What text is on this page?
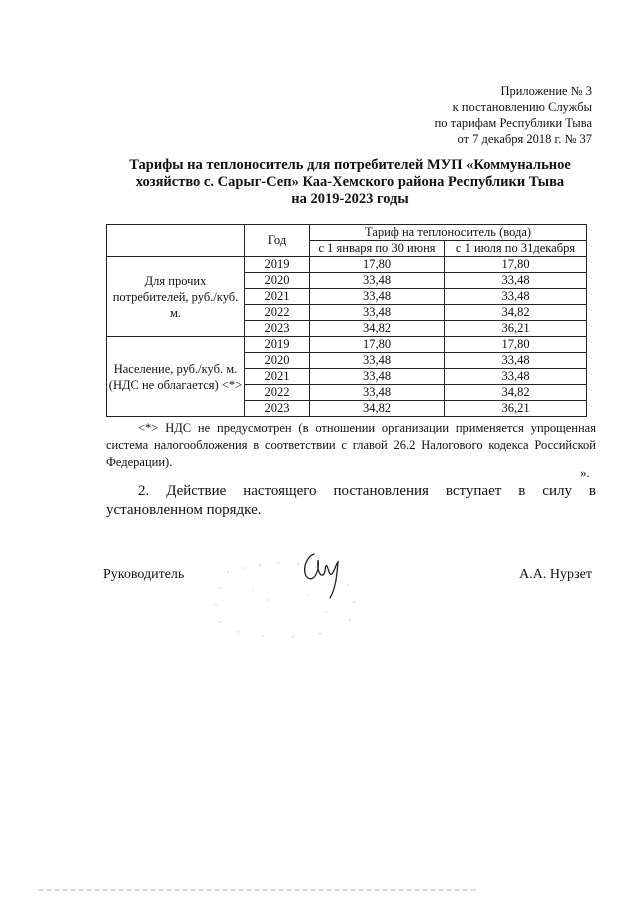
Приложение № 3
к постановлению Службы
по тарифам Республики Тыва
от 7 декабря 2018 г. № 37
Тарифы на теплоноситель для потребителей МУП «Коммунальное
хозяйство с. Сарыг-Сеп» Каа-Хемского района Республики Тыва
на 2019-2023 годы
	Год	Тариф на теплоноситель (вода)	
		с 1 января по 30 июня	с 1 июля по 31декабря
Для прочих потребителей, руб./куб. м.	2019	17,80	17,80
	2020	33,48	33,48
	2021	33,48	33,48
	2022	33,48	34,82
	2023	34,82	36,21
Население, руб./куб. м. (НДС не облагается) <*>	2019	17,80	17,80
	2020	33,48	33,48
	2021	33,48	33,48
	2022	33,48	34,82
	2023	34,82	36,21
<*> НДС не предусмотрен (в отношении организации применяется упрощенная система налогообложения в соответствии с главой 26.2 Налогового кодекса Российской Федерации).
».
2. Действие настоящего постановления вступает в силу в установленном порядке.
Руководитель	А.А. Нурзет
